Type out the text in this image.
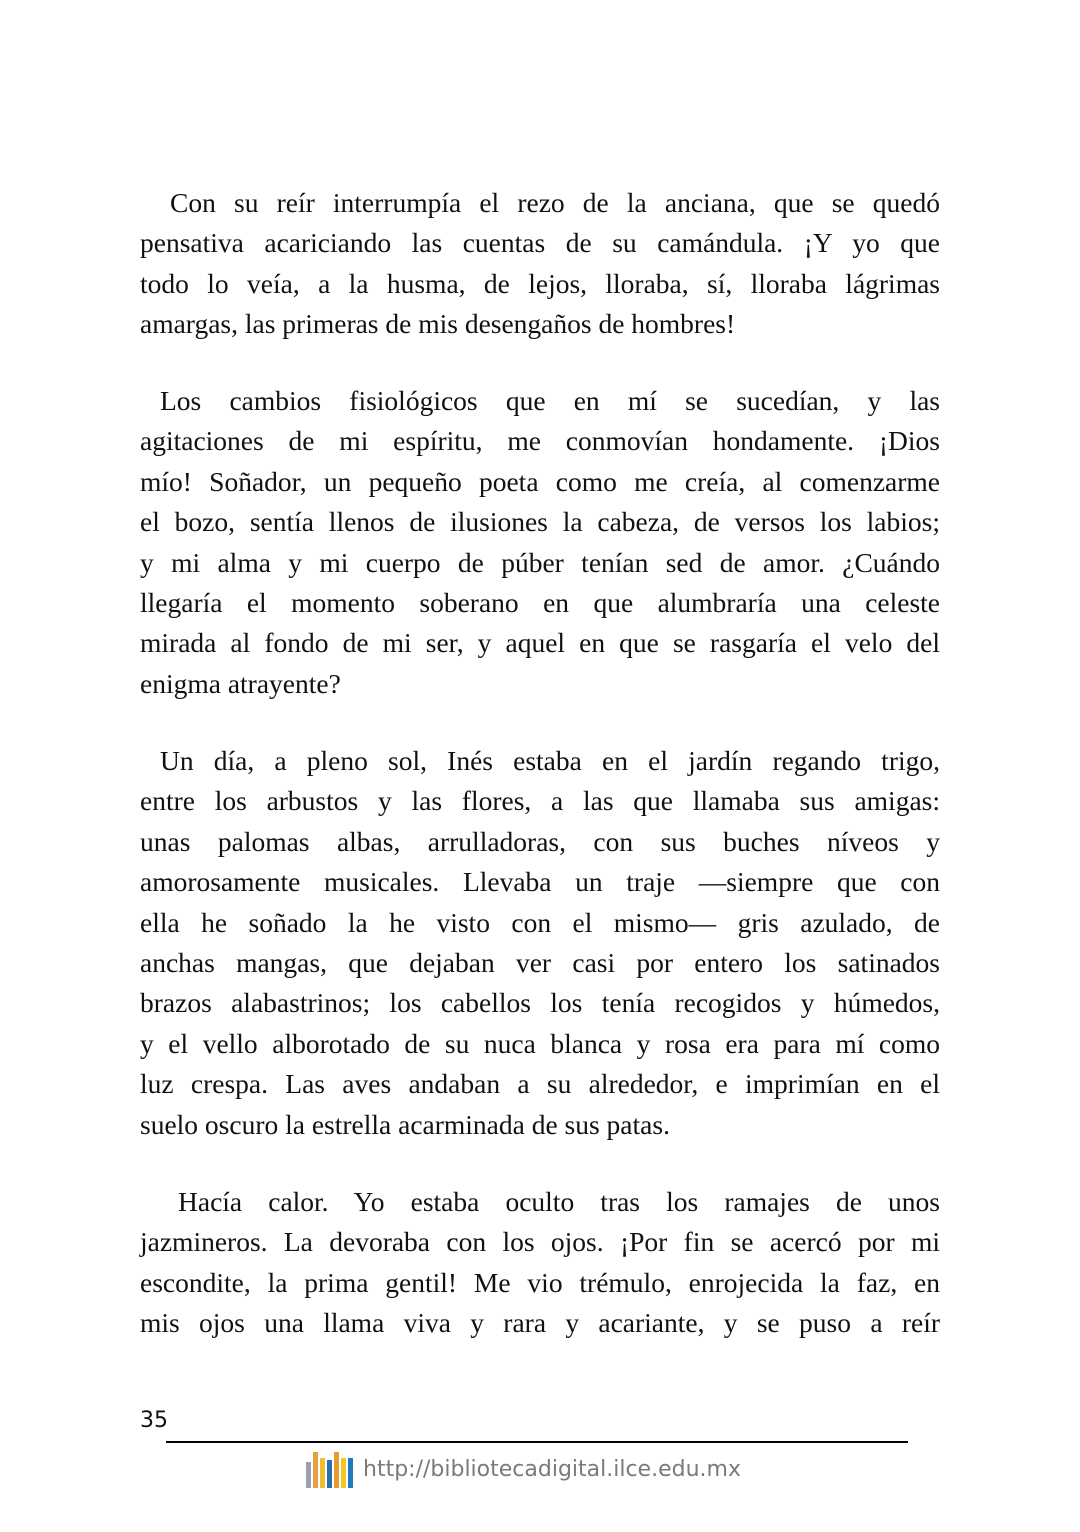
Con su reír interrumpía el rezo de la anciana, que se quedó
pensativa acariciando las cuentas de su camándula. ¡Y yo que
todo lo veía, a la husma, de lejos, lloraba, sí, lloraba lágrimas
amargas, las primeras de mis desengaños de hombres!
Los cambios fisiológicos que en mí se sucedían, y las
agitaciones de mi espíritu, me conmovían hondamente. ¡Dios
mío! Soñador, un pequeño poeta como me creía, al comenzarme
el bozo, sentía llenos de ilusiones la cabeza, de versos los labios;
y mi alma y mi cuerpo de púber tenían sed de amor. ¿Cuándo
llegaría el momento soberano en que alumbraría una celeste
mirada al fondo de mi ser, y aquel en que se rasgaría el velo del
enigma atrayente?
Un día, a pleno sol, Inés estaba en el jardín regando trigo,
entre los arbustos y las flores, a las que llamaba sus amigas:
unas palomas albas, arrulladoras, con sus buches níveos y
amorosamente musicales. Llevaba un traje —siempre que con
ella he soñado la he visto con el mismo— gris azulado, de
anchas mangas, que dejaban ver casi por entero los satinados
brazos alabastrinos; los cabellos los tenía recogidos y húmedos,
y el vello alborotado de su nuca blanca y rosa era para mí como
luz crespa. Las aves andaban a su alrededor, e imprimían en el
suelo oscuro la estrella acarminada de sus patas.
Hacía calor. Yo estaba oculto tras los ramajes de unos
jazmineros. La devoraba con los ojos. ¡Por fin se acercó por mi
escondite, la prima gentil! Me vio trémulo, enrojecida la faz, en
mis ojos una llama viva y rara y acariante, y se puso a reír
35
http://bibliotecadigital.ilce.edu.mx
